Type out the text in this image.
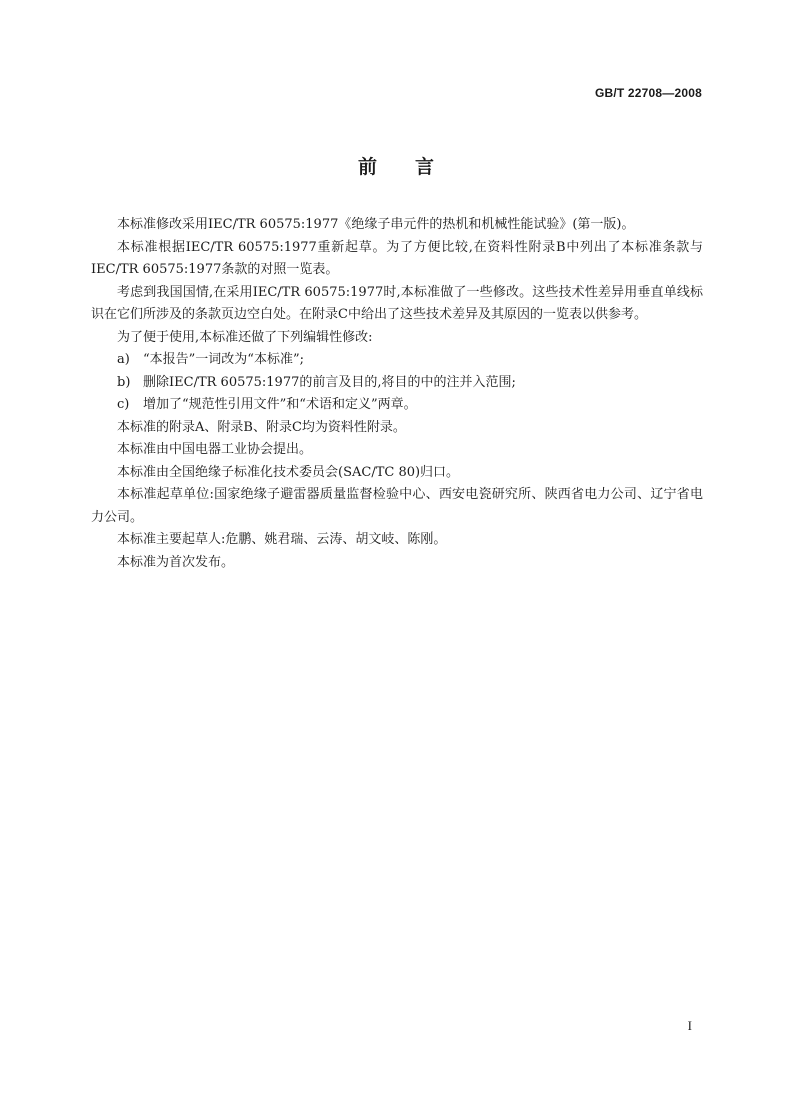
GB/T 22708—2008
前 言

本标准修改采用IEC/TR 60575:1977《绝缘子串元件的热机和机械性能试验》(第一版)。

本标准根据IEC/TR 60575:1977重新起草。为了方便比较,在资料性附录B中列出了本标准条款与IEC/TR 60575:1977条款的对照一览表。

考虑到我国国情,在采用IEC/TR 60575:1977时,本标准做了一些修改。这些技术性差异用垂直单线标识在它们所涉及的条款页边空白处。在附录C中给出了这些技术差异及其原因的一览表以供参考。

为了便于使用,本标准还做了下列编辑性修改:

a) “本报告”一词改为“本标准”;

b) 删除IEC/TR 60575:1977的前言及目的,将目的中的注并入范围;

c) 增加了“规范性引用文件”和“术语和定义”两章。

本标准的附录A、附录B、附录C均为资料性附录。

本标准由中国电器工业协会提出。

本标准由全国绝缘子标准化技术委员会(SAC/TC 80)归口。

本标准起草单位:国家绝缘子避雷器质量监督检验中心、西安电瓷研究所、陕西省电力公司、辽宁省电力公司。

本标准主要起草人:危鹏、姚君瑞、云涛、胡文岐、陈刚。

本标准为首次发布。

I
